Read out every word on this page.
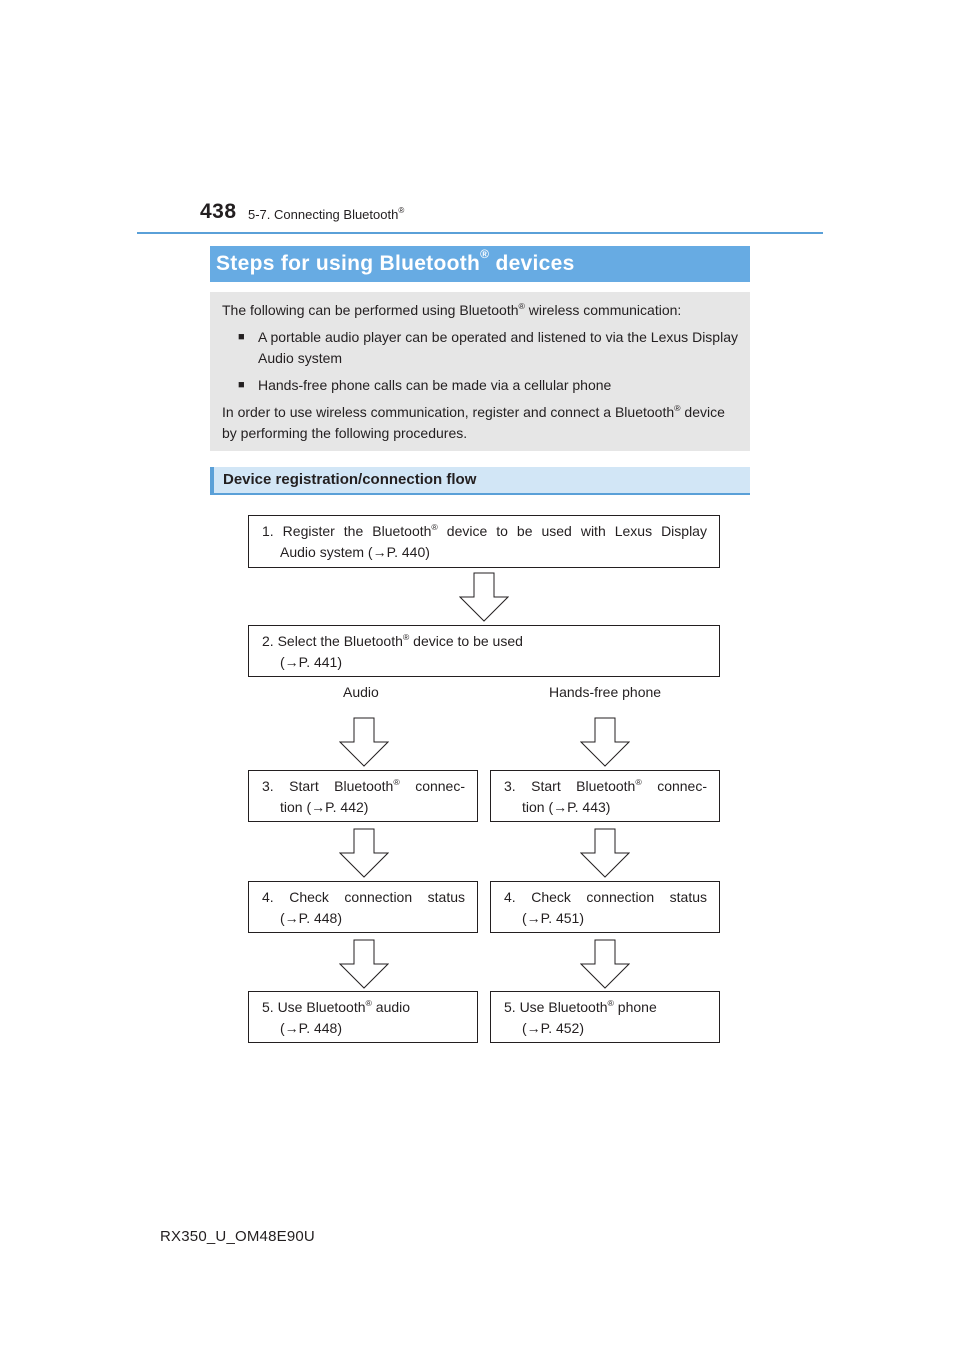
438 5-7. Connecting Bluetooth®
Steps for using Bluetooth® devices

The following can be performed using Bluetooth® wireless communication:

■ A portable audio player can be operated and listened to via the Lexus Display Audio system
■ Hands-free phone calls can be made via a cellular phone

In order to use wireless communication, register and connect a Bluetooth® device by performing the following procedures.

Device registration/connection flow
1. Register the Bluetooth® device to be used with Lexus Display
Audio system (→P. 440)
2. Select the Bluetooth® device to be used
(→P. 441)
Audio	Hands-free phone
3. Start Bluetooth® connec-
tion (→P. 442)
3. Start Bluetooth® connec-
tion (→P. 443)
4. Check connection status
(→P. 448)
4. Check connection status
(→P. 451)
5. Use Bluetooth® audio
(→P. 448)
5. Use Bluetooth® phone
(→P. 452)
RX350_U_OM48E90U
